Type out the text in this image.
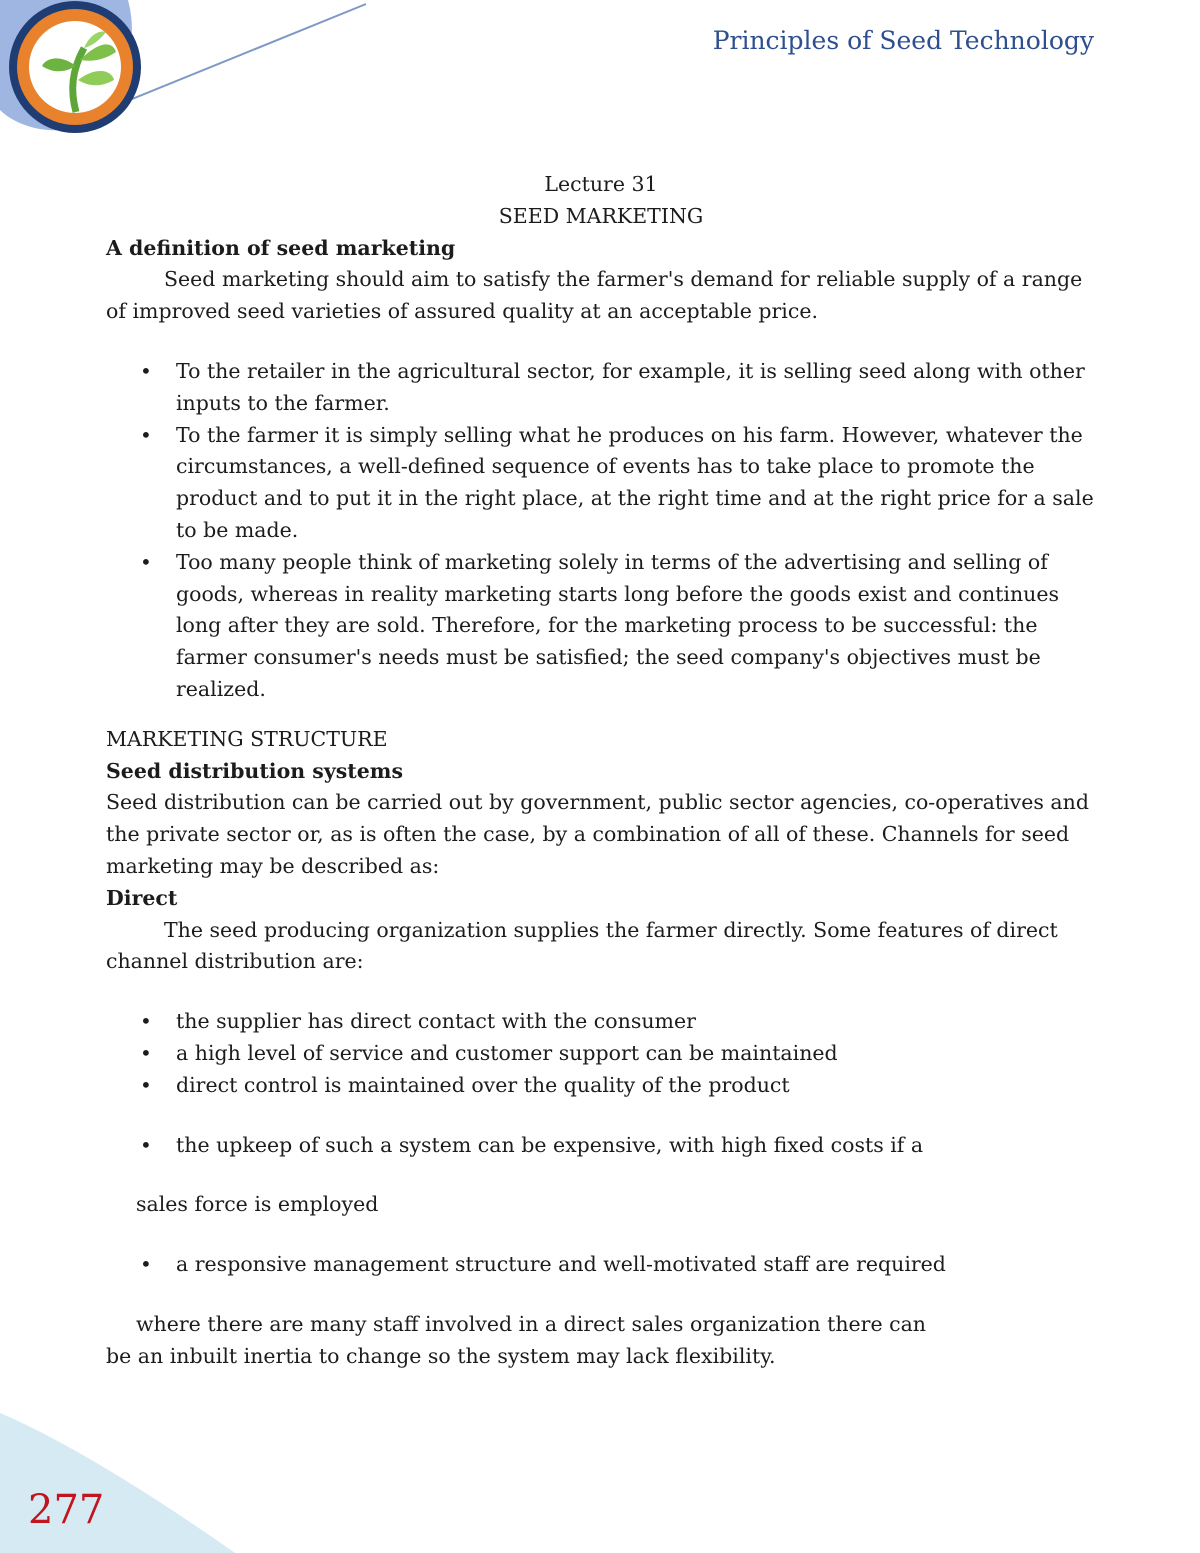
Principles of Seed Technology
277
Lecture 31
SEED MARKETING
A definition of seed marketing

Seed marketing should aim to satisfy the farmer's demand for reliable supply of a range of improved seed varieties of assured quality at an acceptable price.

• To the retailer in the agricultural sector, for example, it is selling seed along with other inputs to the farmer.
• To the farmer it is simply selling what he produces on his farm. However, whatever the circumstances, a well-defined sequence of events has to take place to promote the product and to put it in the right place, at the right time and at the right price for a sale to be made.
• Too many people think of marketing solely in terms of the advertising and selling of goods, whereas in reality marketing starts long before the goods exist and continues long after they are sold. Therefore, for the marketing process to be successful: the farmer consumer's needs must be satisfied; the seed company's objectives must be realized.
MARKETING STRUCTURE
Seed distribution systems

Seed distribution can be carried out by government, public sector agencies, co-operatives and the private sector or, as is often the case, by a combination of all of these. Channels for seed marketing may be described as:

Direct

The seed producing organization supplies the farmer directly. Some features of direct channel distribution are:

• the supplier has direct contact with the consumer
• a high level of service and customer support can be maintained
• direct control is maintained over the quality of the product
• the upkeep of such a system can be expensive, with high fixed costs if a
sales force is employed
• a responsive management structure and well-motivated staff are required

where there are many staff involved in a direct sales organization there can be an inbuilt inertia to change so the system may lack flexibility.
